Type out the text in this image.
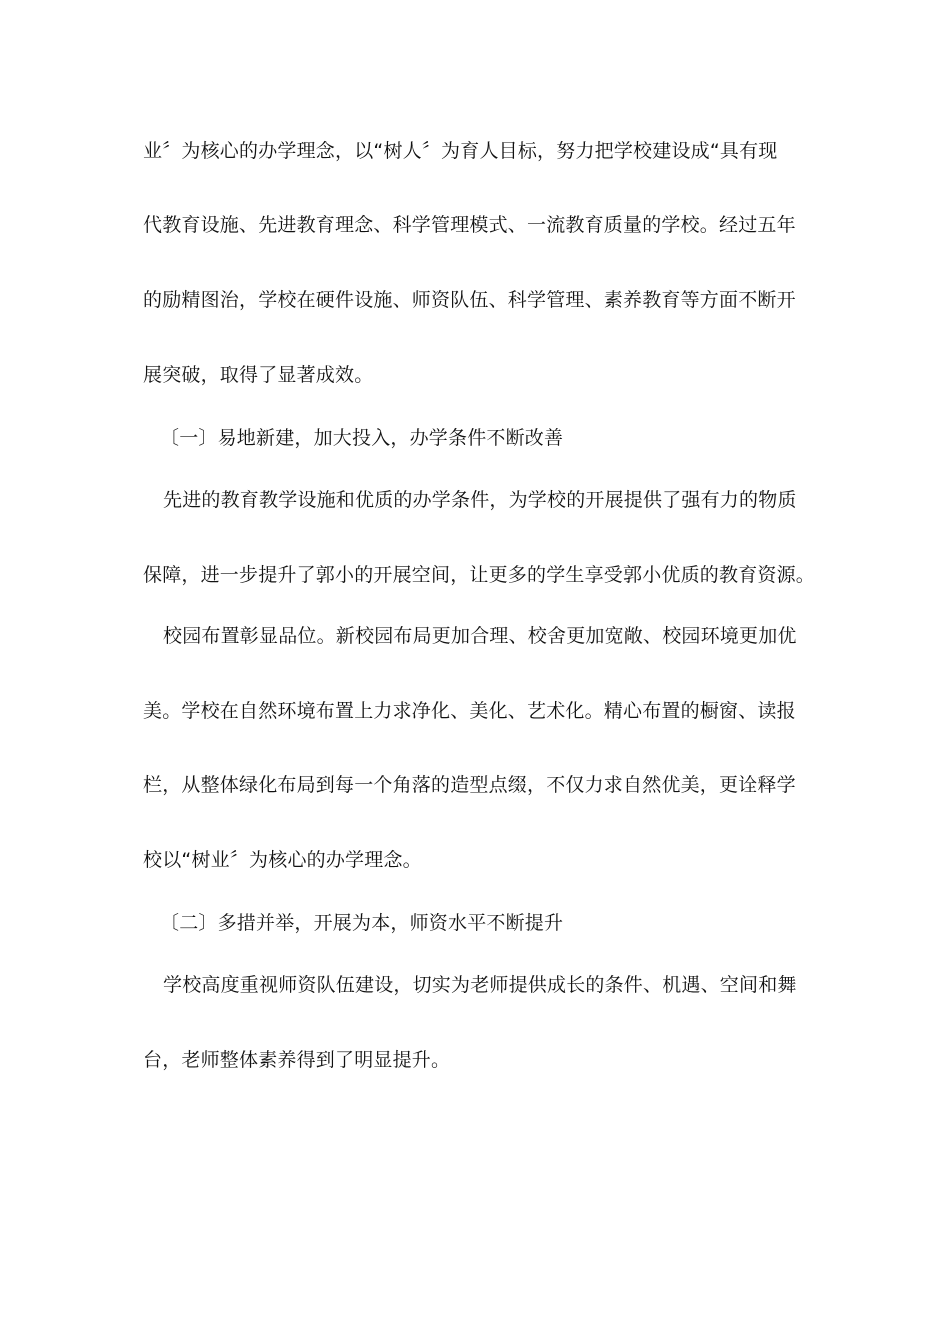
业〞为核心的办学理念，以“树人〞为育人目标，努力把学校建设成“具有现
代教育设施、先进教育理念、科学管理模式、一流教育质量的学校。经过五年
的励精图治，学校在硬件设施、师资队伍、科学管理、素养教育等方面不断开
展突破，取得了显著成效。
〔一〕易地新建，加大投入，办学条件不断改善
先进的教育教学设施和优质的办学条件，为学校的开展提供了强有力的物质
保障，进一步提升了郭小的开展空间，让更多的学生享受郭小优质的教育资源。
校园布置彰显品位。新校园布局更加合理、校舍更加宽敞、校园环境更加优
美。学校在自然环境布置上力求净化、美化、艺术化。精心布置的橱窗、读报
栏，从整体绿化布局到每一个角落的造型点缀，不仅力求自然优美，更诠释学
校以“树业〞为核心的办学理念。
〔二〕多措并举，开展为本，师资水平不断提升
学校高度重视师资队伍建设，切实为老师提供成长的条件、机遇、空间和舞
台，老师整体素养得到了明显提升。
